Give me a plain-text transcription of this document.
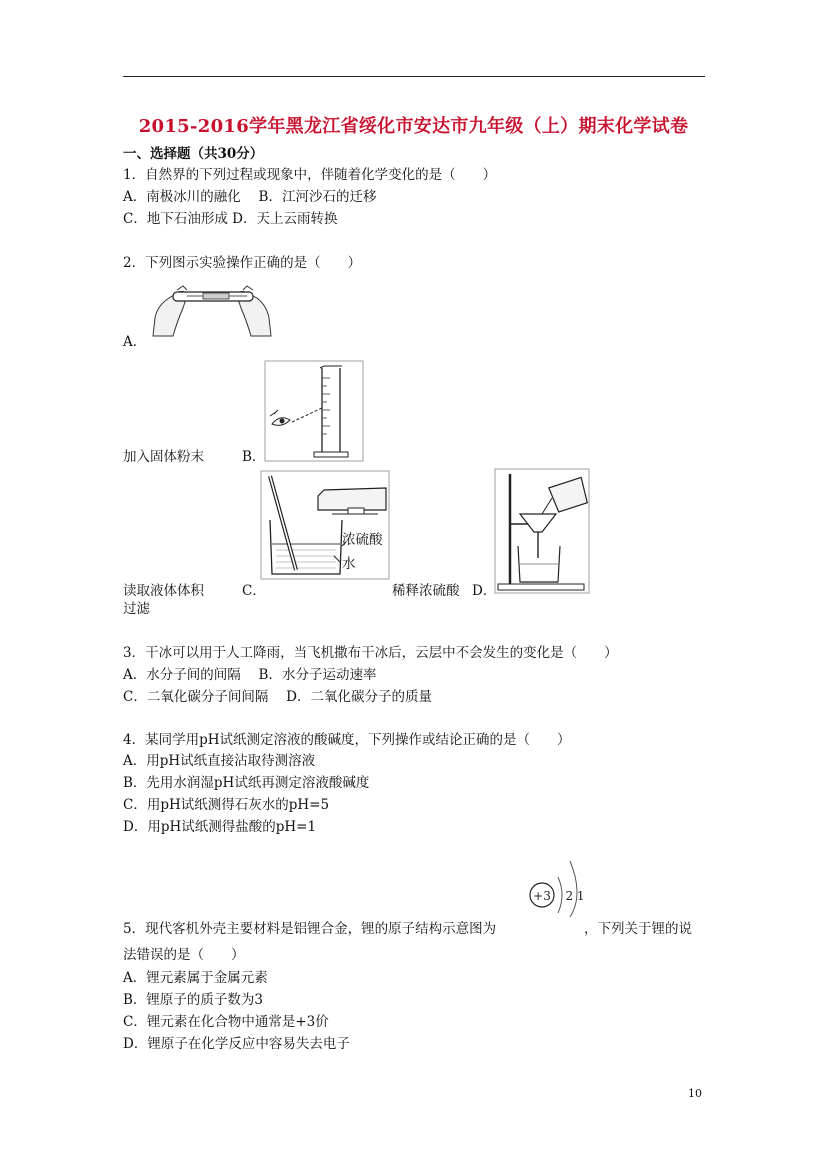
2015-2016学年黑龙江省绥化市安达市九年级（上）期末化学试卷
一、选择题（共30分）
1．自然界的下列过程或现象中，伴随着化学变化的是（　　）
A．南极冰川的融化　 B．江河沙石的迁移
C．地下石油形成 D．天上云雨转换
2．下列图示实验操作正确的是（　　）
A．
加入固体粉末	B．
浓硫酸
水
读取液体体积	C．	稀释浓硫酸 D．
过滤
3．干冰可以用于人工降雨，当飞机撒布干冰后，云层中不会发生的变化是（　　）
A．水分子间的间隔　 B．水分子运动速率
C．二氧化碳分子间间隔　 D．二氧化碳分子的质量
4．某同学用pH试纸测定溶液的酸碱度，下列操作或结论正确的是（　　）
A．用pH试纸直接沾取待测溶液
B．先用水润湿pH试纸再测定溶液酸碱度
C．用pH试纸测得石灰水的pH=5
D．用pH试纸测得盐酸的pH=1
+3 2 1
5．现代客机外壳主要材料是铝锂合金，锂的原子结构示意图为	，下列关于锂的说
法错误的是（　　）
A．锂元素属于金属元素
B．锂原子的质子数为3
C．锂元素在化合物中通常是+3价
D．锂原子在化学反应中容易失去电子
10
